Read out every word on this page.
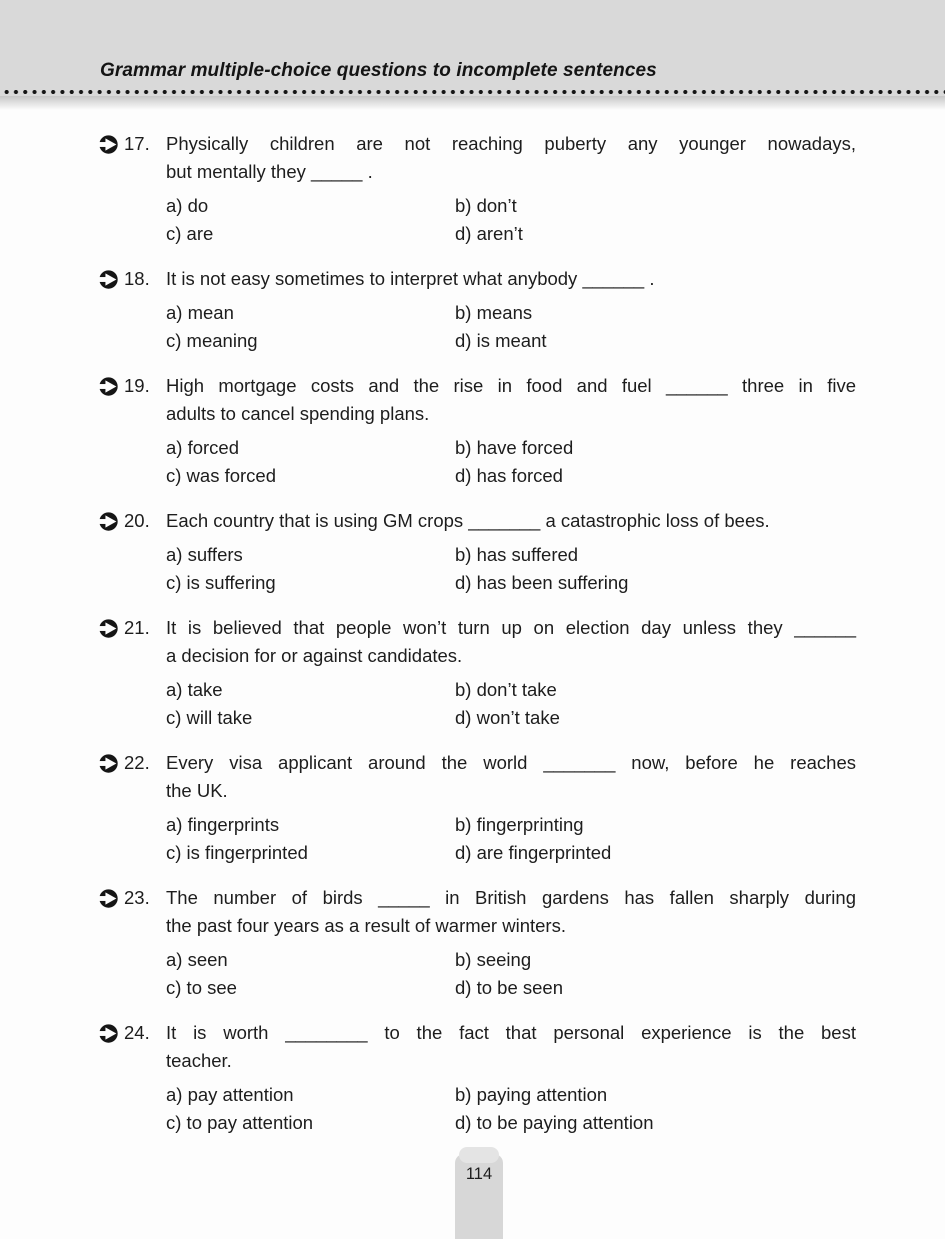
Grammar multiple-choice questions to incomplete sentences
17. Physically children are not reaching puberty any younger nowadays,
but mentally they _____ .
a) do	b) don’t
c) are	d) aren’t
18. It is not easy sometimes to interpret what anybody ______ .
a) mean	b) means
c) meaning	d) is meant
19. High mortgage costs and the rise in food and fuel ______ three in five
adults to cancel spending plans.
a) forced	b) have forced
c) was forced	d) has forced
20. Each country that is using GM crops _______ a catastrophic loss of bees.
a) suffers	b) has suffered
c) is suffering	d) has been suffering
21. It is believed that people won’t turn up on election day unless they ______
a decision for or against candidates.
a) take	b) don’t take
c) will take	d) won’t take
22. Every visa applicant around the world _______ now, before he reaches
the UK.
a) fingerprints	b) fingerprinting
c) is fingerprinted	d) are fingerprinted
23. The number of birds _____ in British gardens has fallen sharply during
the past four years as a result of warmer winters.
a) seen	b) seeing
c) to see	d) to be seen
24. It is worth ________ to the fact that personal experience is the best
teacher.
a) pay attention	b) paying attention
c) to pay attention	d) to be paying attention
114
